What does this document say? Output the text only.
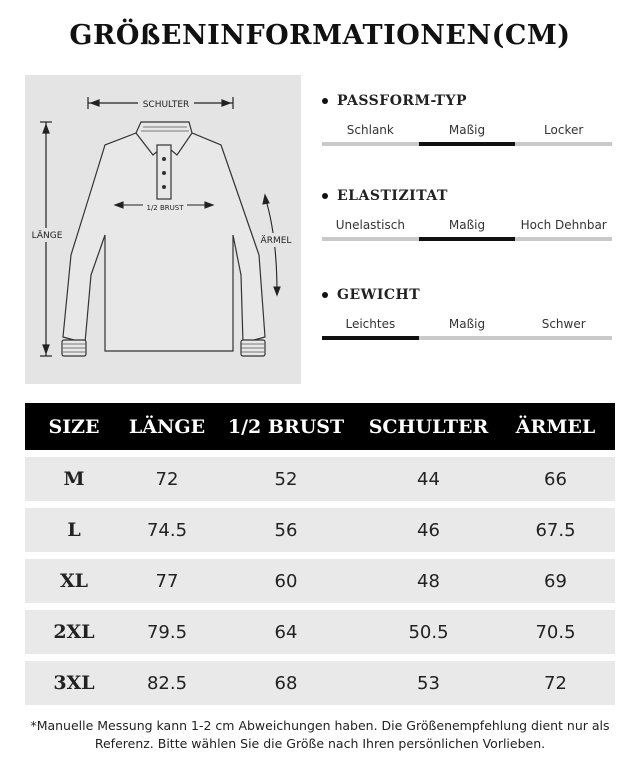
GRÖßENINFORMATIONEN(CM)
SCHULTER
LÄNGE
1/2 BRUST
ÄRMEL
PASSFORM-TYP
Schlank	Maßig	Locker
ELASTIZITAT
Unelastisch	Maßig	Hoch Dehnbar
GEWICHT
Leichtes	Maßig	Schwer
SIZE	LÄNGE	1/2 BRUST	SCHULTER	ÄRMEL
M	72	52	44	66
L	74.5	56	46	67.5
XL	77	60	48	69
2XL	79.5	64	50.5	70.5
3XL	82.5	68	53	72
*Manuelle Messung kann 1-2 cm Abweichungen haben. Die Größenempfehlung dient nur als
Referenz. Bitte wählen Sie die Größe nach Ihren persönlichen Vorlieben.
